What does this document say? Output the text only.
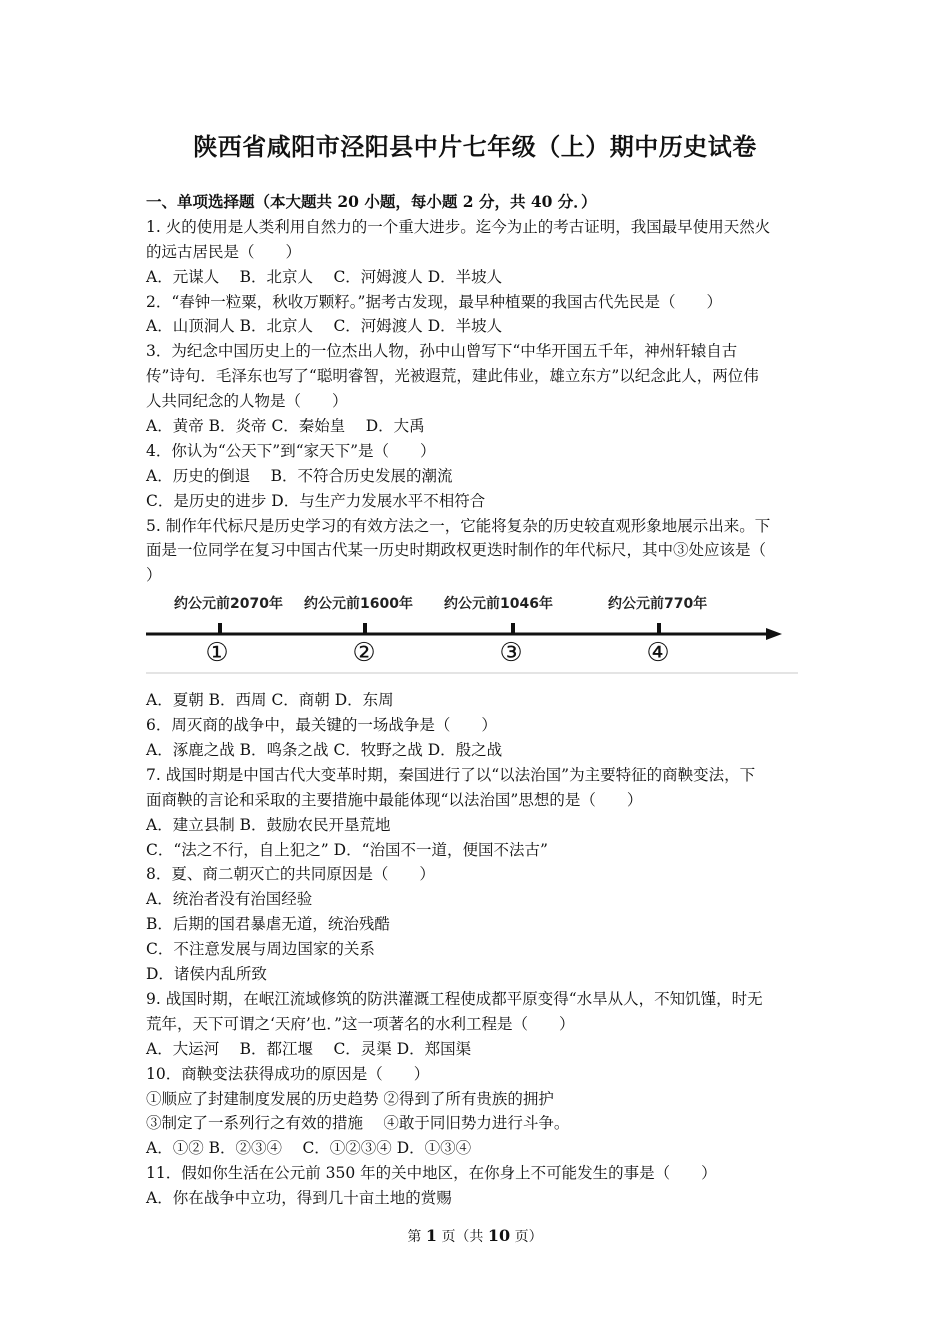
陕西省咸阳市泾阳县中片七年级（上）期中历史试卷
一、单项选择题（本大题共 20 小题，每小题 2 分，共 40 分．）
1. 火的使用是人类利用自然力的一个重大进步。迄今为止的考古证明，我国最早使用天然火
的远古居民是（　　）
A．元谋人　 B．北京人　 C．河姆渡人 D．半坡人
2．“春钟一粒粟，秋收万颗籽。”据考古发现，最早种植粟的我国古代先民是（　　）
A．山顶洞人 B．北京人　 C．河姆渡人 D．半坡人
3．为纪念中国历史上的一位杰出人物，孙中山曾写下“中华开国五千年，神州轩辕自古
传”诗句．毛泽东也写了“聪明睿智，光被遐荒，建此伟业，雄立东方”以纪念此人，两位伟
人共同纪念的人物是（　　）
A．黄帝 B．炎帝 C．秦始皇　 D．大禹
4．你认为“公天下”到“家天下”是（　　）
A．历史的倒退　 B．不符合历史发展的潮流
C．是历史的进步 D．与生产力发展水平不相符合
5. 制作年代标尺是历史学习的有效方法之一，它能将复杂的历史较直观形象地展示出来。下
面是一位同学在复习中国古代某一历史时期政权更迭时制作的年代标尺，其中③处应该是（
）
约公元前2070年 约公元前1600年 约公元前1046年	约公元前770年
①	②	③	④
A．夏朝 B．西周 C．商朝 D．东周
6．周灭商的战争中，最关键的一场战争是（　　）
A．涿鹿之战 B．鸣条之战 C．牧野之战 D．殷之战
7. 战国时期是中国古代大变革时期，秦国进行了以“以法治国”为主要特征的商鞅变法，下
面商鞅的言论和采取的主要措施中最能体现“以法治国”思想的是（　　）
A．建立县制 B．鼓励农民开垦荒地
C．“法之不行，自上犯之” D．“治国不一道，便国不法古”
8．夏、商二朝灭亡的共同原因是（　　）
A．统治者没有治国经验
B．后期的国君暴虐无道，统治残酷
C．不注意发展与周边国家的关系
D．诸侯内乱所致
9. 战国时期，在岷江流域修筑的防洪灌溉工程使成都平原变得“水旱从人，不知饥馑，时无
荒年，天下可谓之‘天府’也．”这一项著名的水利工程是（　　）
A．大运河　 B．都江堰　 C．灵渠 D．郑国渠
10．商鞅变法获得成功的原因是（　　）
①顺应了封建制度发展的历史趋势 ②得到了所有贵族的拥护
③制定了一系列行之有效的措施　 ④敢于同旧势力进行斗争。
A．①② B．②③④　 C．①②③④ D．①③④
11．假如你生活在公元前 350 年的关中地区，在你身上不可能发生的事是（　　）
A．你在战争中立功，得到几十亩土地的赏赐
第 1 页（共 10 页）
